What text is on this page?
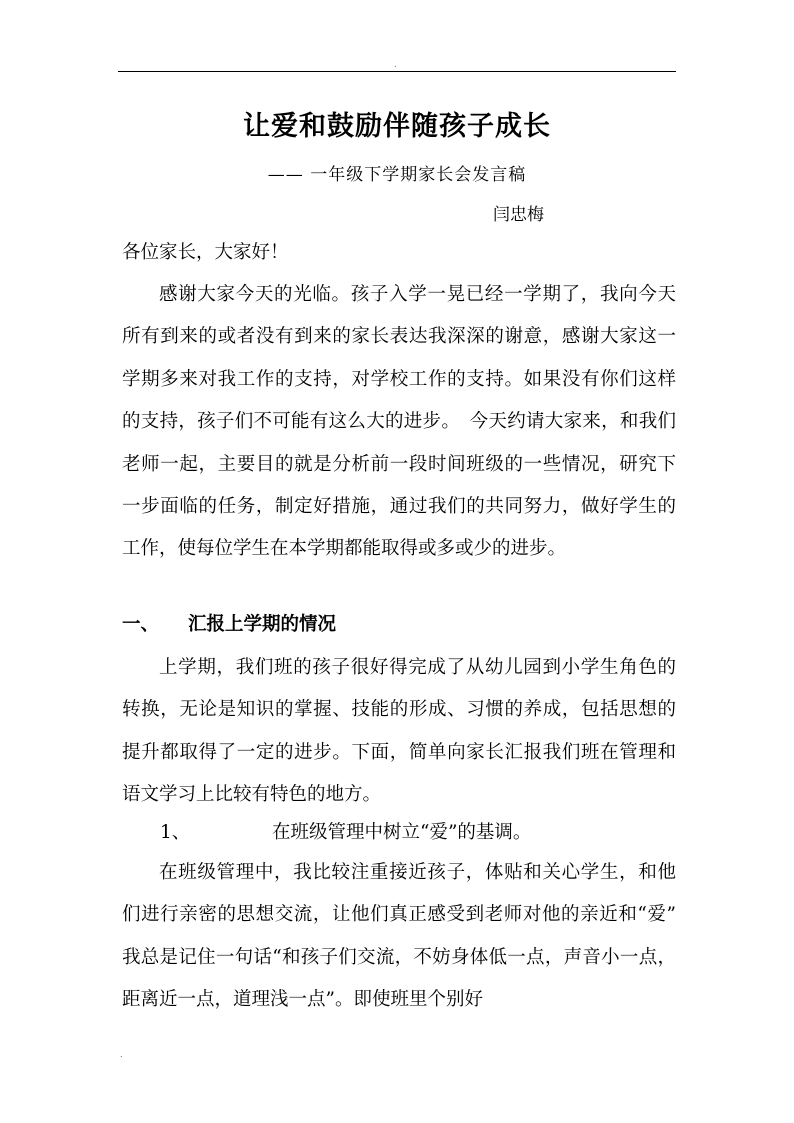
.
让爱和鼓励伴随孩子成长
—— 一年级下学期家长会发言稿
闫忠梅

各位家长，大家好！

感谢大家今天的光临。孩子入学一晃已经一学期了，我向今天所有到来的或者没有到来的家长表达我深深的谢意，感谢大家这一学期多来对我工作的支持，对学校工作的支持。如果没有你们这样的支持，孩子们不可能有这么大的进步。　今天约请大家来，和我们老师一起，主要目的就是分析前一段时间班级的一些情况，研究下一步面临的任务，制定好措施，通过我们的共同努力，做好学生的工作，使每位学生在本学期都能取得或多或少的进步。

一、 汇报上学期的情况

上学期，我们班的孩子很好得完成了从幼儿园到小学生角色的转换，无论是知识的掌握、技能的形成、习惯的养成，包括思想的提升都取得了一定的进步。下面，简单向家长汇报我们班在管理和语文学习上比较有特色的地方。

1、	在班级管理中树立“爱”的基调。

在班级管理中，我比较注重接近孩子，体贴和关心学生，和他们进行亲密的思想交流，让他们真正感受到老师对他的亲近和“爱”　我总是记住一句话“和孩子们交流，不妨身体低一点，声音小一点，距离近一点，道理浅一点”。即使班里个别好

.
